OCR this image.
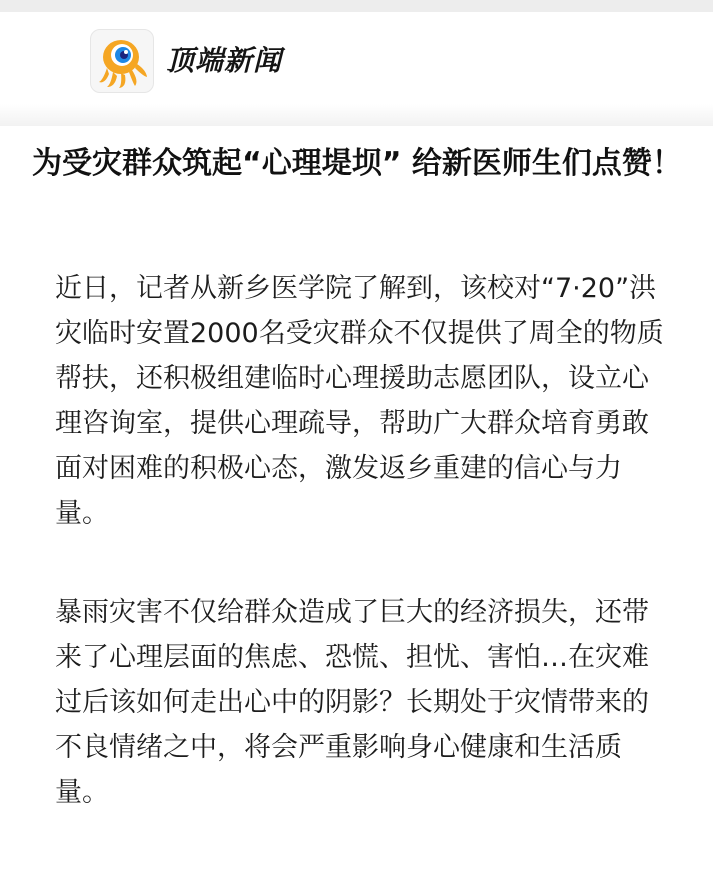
顶端新闻
为受灾群众筑起“心理堤坝” 给新医师生们点赞！

近日，记者从新乡医学院了解到，该校对“7·20”洪灾临时安置2000名受灾群众不仅提供了周全的物质帮扶，还积极组建临时心理援助志愿团队，设立心理咨询室，提供心理疏导，帮助广大群众培育勇敢面对困难的积极心态，激发返乡重建的信心与力量。

暴雨灾害不仅给群众造成了巨大的经济损失，还带来了心理层面的焦虑、恐慌、担忧、害怕…在灾难过后该如何走出心中的阴影？长期处于灾情带来的不良情绪之中，将会严重影响身心健康和生活质量。
